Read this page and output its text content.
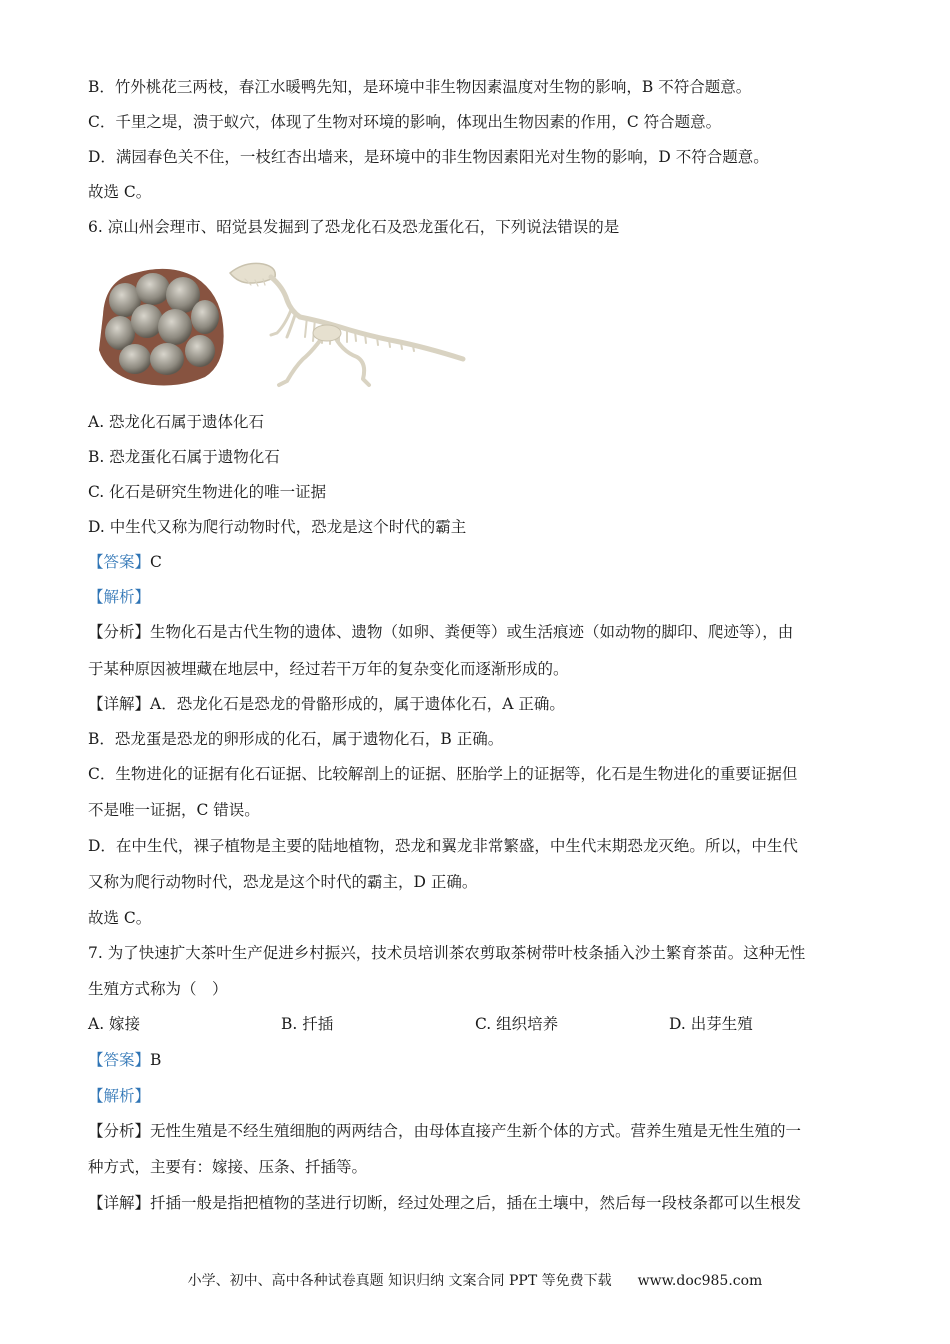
B．竹外桃花三两枝，春江水暖鸭先知，是环境中非生物因素温度对生物的影响，B 不符合题意。
C．千里之堤，溃于蚁穴，体现了生物对环境的影响，体现出生物因素的作用，C 符合题意。
D．满园春色关不住，一枝红杏出墙来，是环境中的非生物因素阳光对生物的影响，D 不符合题意。
故选 C。
6. 凉山州会理市、昭觉县发掘到了恐龙化石及恐龙蛋化石，下列说法错误的是
A. 恐龙化石属于遗体化石
B. 恐龙蛋化石属于遗物化石
C. 化石是研究生物进化的唯一证据
D. 中生代又称为爬行动物时代，恐龙是这个时代的霸主
【答案】C
【解析】
【分析】生物化石是古代生物的遗体、遗物（如卵、粪便等）或生活痕迹（如动物的脚印、爬迹等），由
于某种原因被埋藏在地层中，经过若干万年的复杂变化而逐渐形成的。
【详解】A．恐龙化石是恐龙的骨骼形成的，属于遗体化石，A 正确。
B．恐龙蛋是恐龙的卵形成的化石，属于遗物化石，B 正确。
C．生物进化的证据有化石证据、比较解剖上的证据、胚胎学上的证据等，化石是生物进化的重要证据但
不是唯一证据，C 错误。
D．在中生代，裸子植物是主要的陆地植物，恐龙和翼龙非常繁盛，中生代末期恐龙灭绝。所以，中生代
又称为爬行动物时代，恐龙是这个时代的霸主，D 正确。
故选 C。
7. 为了快速扩大茶叶生产促进乡村振兴，技术员培训茶农剪取茶树带叶枝条插入沙土繁育茶苗。这种无性
生殖方式称为（　）
A. 嫁接	B. 扦插	C. 组织培养	D. 出芽生殖
【答案】B
【解析】
【分析】无性生殖是不经生殖细胞的两两结合，由母体直接产生新个体的方式。营养生殖是无性生殖的一
种方式，主要有：嫁接、压条、扦插等。
【详解】扦插一般是指把植物的茎进行切断，经过处理之后，插在土壤中，然后每一段枝条都可以生根发
小学、初中、高中各种试卷真题 知识归纳 文案合同 PPT 等免费下载 www.doc985.com
